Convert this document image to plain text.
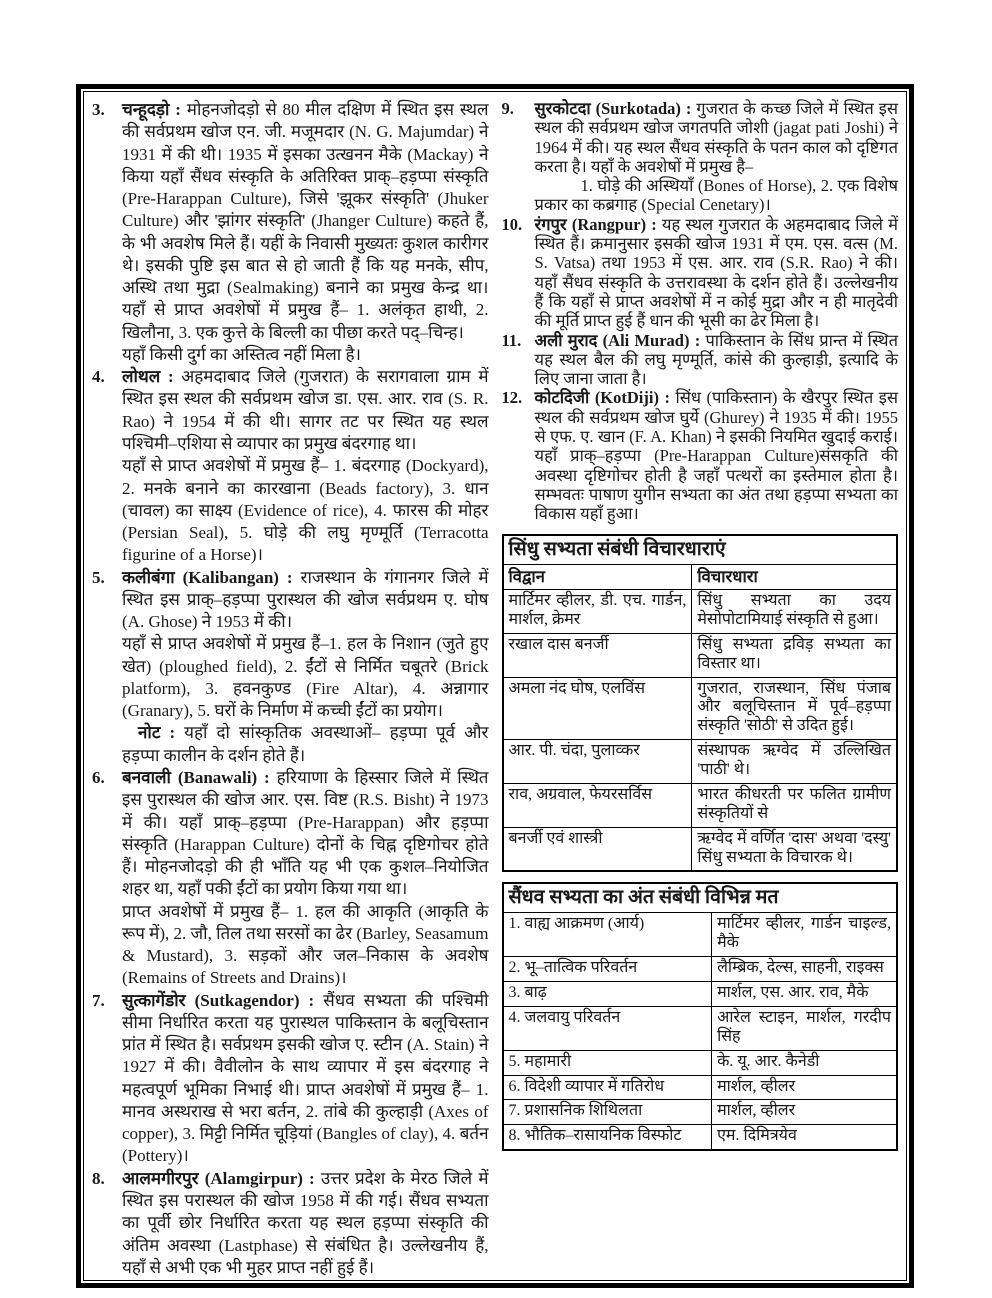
3.	चन्हूदड़ो : मोहनजोदड़ो से 80 मील दक्षिण में स्थित इस स्थल की सर्वप्रथम खोज एन. जी. मजूमदार (N. G. Majumdar) ने 1931 में की थी। 1935 में इसका उत्खनन मैके (Mackay) ने किया यहाँ सैंधव संस्कृति के अतिरिक्त प्राक्–हड़प्पा संस्कृति (Pre-Harappan Culture), जिसे 'झूकर संस्कृति' (Jhuker Culture) और 'झांगर संस्कृति' (Jhanger Culture) कहते हैं, के भी अवशेष मिले हैं। यहीं के निवासी मुख्यतः कुशल कारीगर थे। इसकी पुष्टि इस बात से हो जाती हैं कि यह मनके, सीप, अस्थि तथा मुद्रा (Sealmaking) बनाने का प्रमुख केन्द्र था। यहाँ से प्राप्त अवशेषों में प्रमुख हैं– 1. अलंकृत हाथी, 2. खिलौना, 3. एक कुत्ते के बिल्ली का पीछा करते पद्–चिन्ह।

यहाँ किसी दुर्ग का अस्तित्व नहीं मिला है।

4.	लोथल : अहमदाबाद जिले (गुजरात) के सरागवाला ग्राम में स्थित इस स्थल की सर्वप्रथम खोज डा. एस. आर. राव (S. R. Rao) ने 1954 में की थी। सागर तट पर स्थित यह स्थल पश्चिमी–एशिया से व्यापार का प्रमुख बंदरगाह था।

यहाँ से प्राप्त अवशेषों में प्रमुख हैं– 1. बंदरगाह (Dockyard), 2. मनके बनाने का कारखाना (Beads factory), 3. धान (चावल) का साक्ष्य (Evidence of rice), 4. फारस की मोहर (Persian Seal), 5. घोड़े की लघु मृण्मूर्ति (Terracotta figurine of a Horse)।

5.	कलीबंगा (Kalibangan) : राजस्थान के गंगानगर जिले में स्थित इस प्राक्–हड़प्पा पुरास्थल की खोज सर्वप्रथम ए. घोष (A. Ghose) ने 1953 में की।

यहाँ से प्राप्त अवशेषों में प्रमुख हैं–1. हल के निशान (जुते हुए खेत) (ploughed field), 2. ईंटों से निर्मित चबूतरे (Brick platform), 3. हवनकुण्ड (Fire Altar), 4. अन्नागार (Granary), 5. घरों के निर्माण में कच्ची ईंटों का प्रयोग।

नोट : यहाँ दो सांस्कृतिक अवस्थाओं– हड़प्पा पूर्व और हड़प्पा कालीन के दर्शन होते हैं।

6.	बनवाली (Banawali) : हरियाणा के हिस्सार जिले में स्थित इस पुरास्थल की खोज आर. एस. विष्ट (R.S. Bisht) ने 1973 में की। यहाँ प्राक्–हड़प्पा (Pre-Harappan) और हड़प्पा संस्कृति (Harappan Culture) दोनों के चिह्न दृष्टिगोचर होते हैं। मोहनजोदड़ो की ही भाँति यह भी एक कुशल–नियोजित शहर था, यहाँ पकी ईंटों का प्रयोग किया गया था।

प्राप्त अवशेषों में प्रमुख हैं– 1. हल की आकृति (आकृति के रूप में), 2. जौ, तिल तथा सरसों का ढेर (Barley, Seasamum & Mustard), 3. सड़कों और जल–निकास के अवशेष (Remains of Streets and Drains)।

7.	सुत्कागेंडोर (Sutkagendor) : सैंधव सभ्यता की पश्चिमी सीमा निर्धारित करता यह पुरास्थल पाकिस्तान के बलूचिस्तान प्रांत में स्थित है। सर्वप्रथम इसकी खोज ए. स्टीन (A. Stain) ने 1927 में की। वैवीलोन के साथ व्यापार में इस बंदरगाह ने महत्वपूर्ण भूमिका निभाई थी। प्राप्त अवशेषों में प्रमुख हैं– 1. मानव अस्थराख से भरा बर्तन, 2. तांबे की कुल्हाड़ी (Axes of copper), 3. मिट्टी निर्मित चूड़ियां (Bangles of clay), 4. बर्तन (Pottery)।

8.	आलमगीरपुर (Alamgirpur) : उत्तर प्रदेश के मेरठ जिले में स्थित इस परास्थल की खोज 1958 में की गई। सैंधव सभ्यता का पूर्वी छोर निर्धारित करता यह स्थल हड़प्पा संस्कृति की अंतिम अवस्था (Lastphase) से संबंधित है। उल्लेखनीय हैं, यहाँ से अभी एक भी मुहर प्राप्त नहीं हुई हैं।

9.	सुरकोटदा (Surkotada) : गुजरात के कच्छ जिले में स्थित इस स्थल की सर्वप्रथम खोज जगतपति जोशी (jagat pati Joshi) ने 1964 में की। यह स्थल सैंधव संस्कृति के पतन काल को दृष्टिगत करता है। यहाँ के अवशेषों में प्रमुख है–

1. घोड़े की अस्थियाँ (Bones of Horse), 2. एक विशेष प्रकार का कब्रगाह (Special Cenetary)।

10. रंगपुर (Rangpur) : यह स्थल गुजरात के अहमदाबाद जिले में स्थित हैं। क्रमानुसार इसकी खोज 1931 में एम. एस. वत्स (M. S. Vatsa) तथा 1953 में एस. आर. राव (S.R. Rao) ने की। यहाँ सैंधव संस्कृति के उत्तरावस्था के दर्शन होते हैं। उल्लेखनीय हैं कि यहाँ से प्राप्त अवशेषों में न कोई मुद्रा और न ही मातृदेवी की मूर्ति प्राप्त हुई हैं धान की भूसी का ढेर मिला है।

11. अली मुराद (Ali Murad) : पाकिस्तान के सिंध प्रान्त में स्थित यह स्थल बैल की लघु मृण्मूर्ति, कांसे की कुल्हाड़ी, इत्यादि के लिए जाना जाता है।

12. कोटदिजी (KotDiji) : सिंध (पाकिस्तान) के खैरपुर स्थित इस स्थल की सर्वप्रथम खोज घुर्ये (Ghurey) ने 1935 में की। 1955 से एफ. ए. खान (F. A. Khan) ने इसकी नियमित खुदाई कराई। यहाँ प्राक्–हड़प्पा (Pre-Harappan Culture)संसकृति की अवस्था दृष्टिगोचर होती है जहाँ पत्थरों का इस्तेमाल होता है। सम्भवतः पाषाण युगीन सभ्यता का अंत तथा हड़प्पा सभ्यता का विकास यहाँ हुआ।

सिंधु सभ्यता संबंधी विचारधाराएं	
विद्वान	विचारधारा
मार्टिमर व्हीलर, डी. एच. गार्डन, मार्शल, क्रेमर	सिंधु सभ्यता का उदय मेसोपोटामियाई संस्कृति से हुआ।
रखाल दास बनर्जी	सिंधु सभ्यता द्रविड़ सभ्यता का विस्तार था।
अमला नंद घोष, एलविंस	गुजरात, राजस्थान, सिंध पंजाब और बलूचिस्तान में पूर्व–हड़प्पा संस्कृति 'सोठी' से उदित हुई।
आर. पी. चंदा, पुलाव्कर	संस्थापक ऋग्वेद में उल्लिखित 'पाठी' थे।
राव, अग्रवाल, फेयरसर्विस	भारत कीधरती पर फलित ग्रामीण संस्कृतियों से
बनर्जी एवं शास्त्री	ऋग्वेद में वर्णित 'दास' अथवा 'दस्यु' सिंधु सभ्यता के विचारक थे।
सैंधव सभ्यता का अंत संबंधी विभिन्न मत	
1. वाह्य आक्रमण (आर्य)	मार्टिमर व्हीलर, गार्डन चाइल्ड, मैके
2. भू–तात्विक परिवर्तन	लैम्ब्रिक, देल्स, साहनी, राइक्स
3. बाढ़	मार्शल, एस. आर. राव, मैके
4. जलवायु परिवर्तन	आरेल स्टाइन, मार्शल, गरदीप सिंह
5. महामारी	के. यू. आर. कैनेडी
6. विदेशी व्यापार में गतिरोध	मार्शल, व्हीलर
7. प्रशासनिक शिथिलता	मार्शल, व्हीलर
8. भौतिक–रासायनिक विस्फोट	एम. दिमित्रयेव
